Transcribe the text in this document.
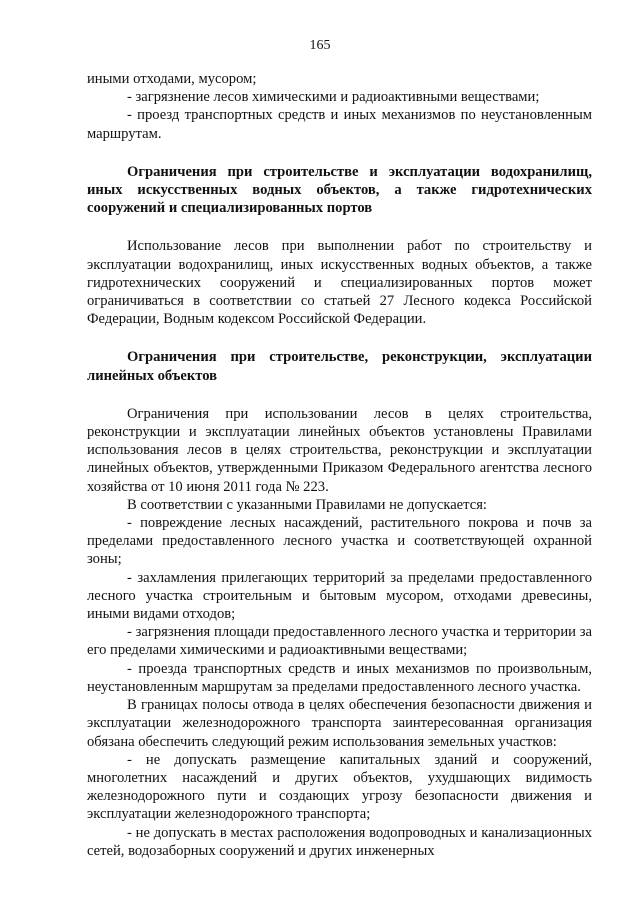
165

иными отходами, мусором;

- загрязнение лесов химическими и радиоактивными веществами;

- проезд транспортных средств и иных механизмов по неустановленным маршрутам.

Ограничения при строительстве и эксплуатации водохранилищ, иных искусственных водных объектов, а также гидротехнических сооружений и специализированных портов

Использование лесов при выполнении работ по строительству и эксплуатации водохранилищ, иных искусственных водных объектов, а также гидротехнических сооружений и специализированных портов может ограничиваться в соответствии со статьей 27 Лесного кодекса Российской Федерации, Водным кодексом Российской Федерации.

Ограничения при строительстве, реконструкции, эксплуатации линейных объектов

Ограничения при использовании лесов в целях строительства, реконструкции и эксплуатации линейных объектов установлены Правилами использования лесов в целях строительства, реконструкции и эксплуатации линейных объектов, утвержденными Приказом Федерального агентства лесного хозяйства от 10 июня 2011 года № 223.

В соответствии с указанными Правилами не допускается:

- повреждение лесных насаждений, растительного покрова и почв за пределами предоставленного лесного участка и соответствующей охранной зоны;

- захламления прилегающих территорий за пределами предоставленного лесного участка строительным и бытовым мусором, отходами древесины, иными видами отходов;

- загрязнения площади предоставленного лесного участка и территории за его пределами химическими и радиоактивными веществами;

- проезда транспортных средств и иных механизмов по произвольным, неустановленным маршрутам за пределами предоставленного лесного участка.

В границах полосы отвода в целях обеспечения безопасности движения и эксплуатации железнодорожного транспорта заинтересованная организация обязана обеспечить следующий режим использования земельных участков:

- не допускать размещение капитальных зданий и сооружений, многолетних насаждений и других объектов, ухудшающих видимость железнодорожного пути и создающих угрозу безопасности движения и эксплуатации железнодорожного транспорта;

- не допускать в местах расположения водопроводных и канализационных сетей, водозаборных сооружений и других инженерных
